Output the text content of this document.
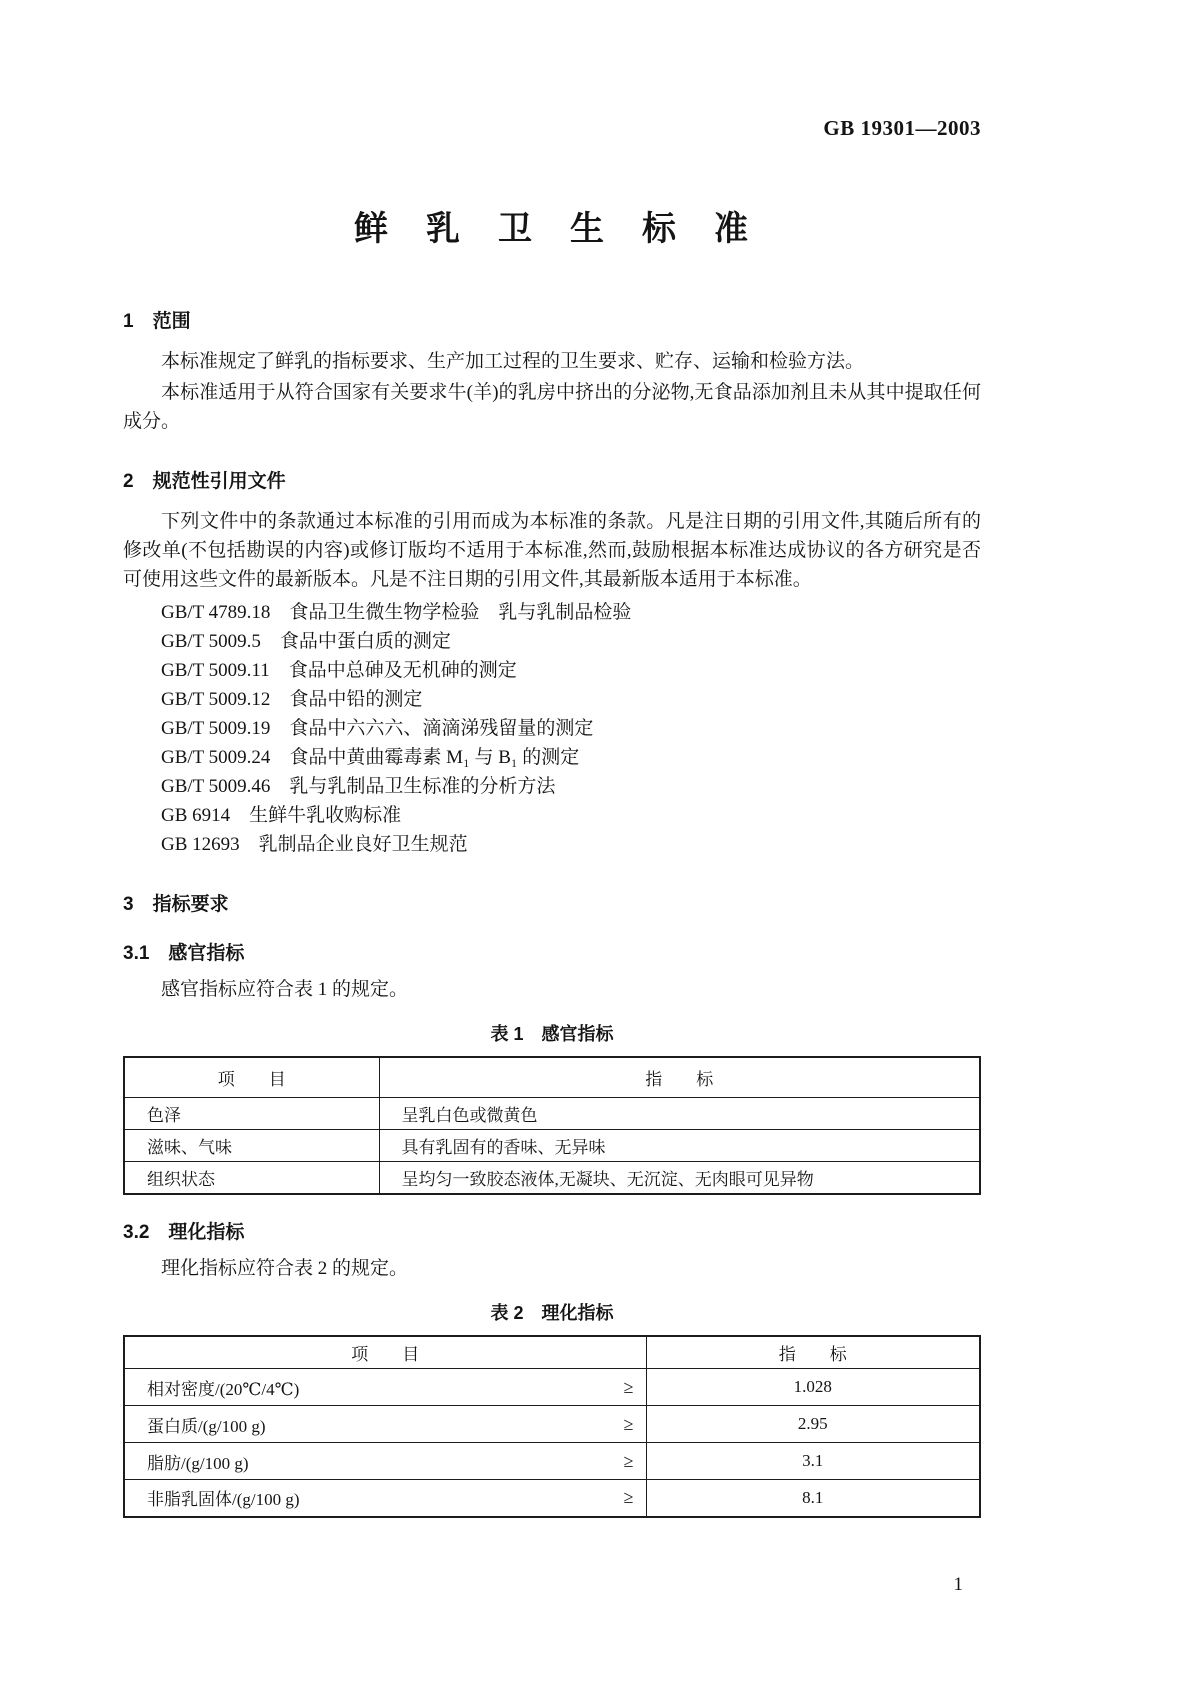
GB 19301—2003
鲜　乳　卫　生　标　准
1　范围

本标准规定了鲜乳的指标要求、生产加工过程的卫生要求、贮存、运输和检验方法。

本标准适用于从符合国家有关要求牛(羊)的乳房中挤出的分泌物,无食品添加剂且未从其中提取任何成分。

2　规范性引用文件

下列文件中的条款通过本标准的引用而成为本标准的条款。凡是注日期的引用文件,其随后所有的修改单(不包括勘误的内容)或修订版均不适用于本标准,然而,鼓励根据本标准达成协议的各方研究是否可使用这些文件的最新版本。凡是不注日期的引用文件,其最新版本适用于本标准。

GB/T 4789.18　食品卫生微生物学检验　乳与乳制品检验
GB/T 5009.5　食品中蛋白质的测定
GB/T 5009.11　食品中总砷及无机砷的测定
GB/T 5009.12　食品中铅的测定
GB/T 5009.19　食品中六六六、滴滴涕残留量的测定
GB/T 5009.24　食品中黄曲霉毒素 M₁ 与 B₁ 的测定
GB/T 5009.46　乳与乳制品卫生标准的分析方法
GB 6914　生鲜牛乳收购标准
GB 12693　乳制品企业良好卫生规范
3　指标要求
3.1　感官指标

感官指标应符合表 1 的规定。

表 1　感官指标
项　　目	指　　标
色泽	呈乳白色或微黄色
滋味、气味	具有乳固有的香味、无异味
组织状态	呈均匀一致胶态液体,无凝块、无沉淀、无肉眼可见异物
3.2　理化指标

理化指标应符合表 2 的规定。

表 2　理化指标
项　　目	指　　标

相对密度/(20℃/4℃) ≥	1.028

蛋白质/(g/100 g) ≥	2.95

脂肪/(g/100 g) ≥	3.1

非脂乳固体/(g/100 g) ≥	8.1
1
